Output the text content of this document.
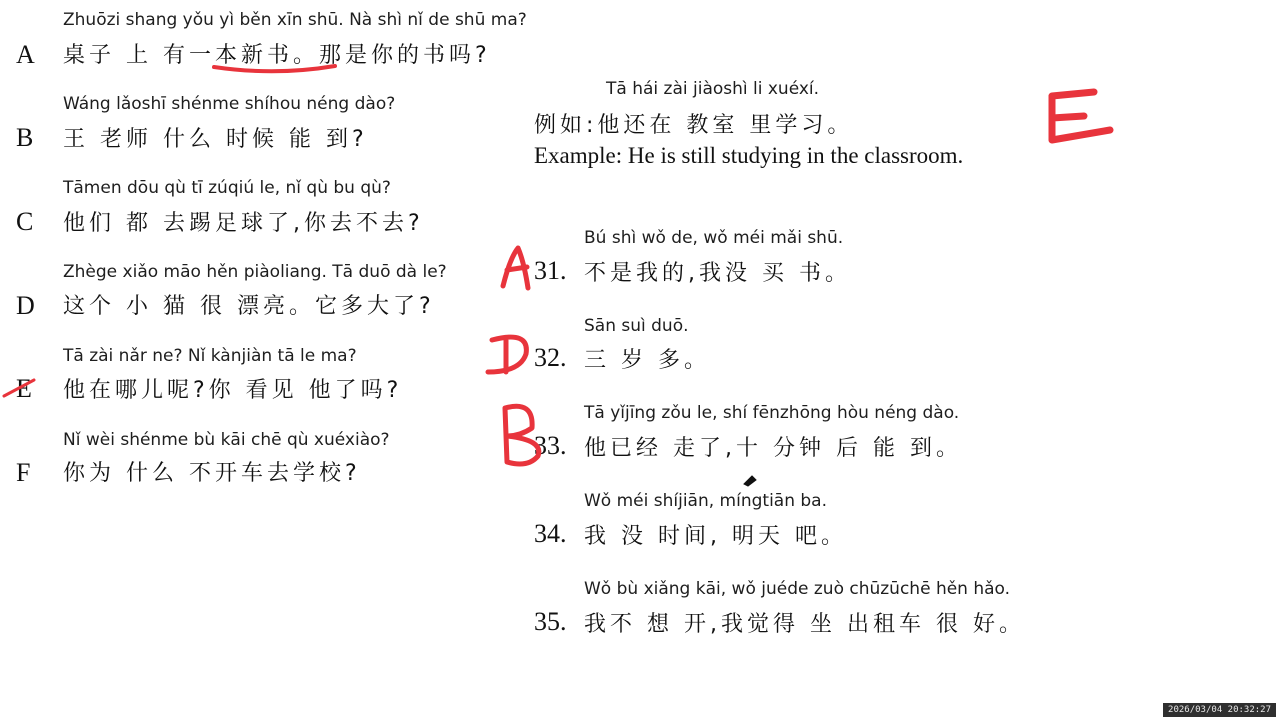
Zhuōzi shang yǒu yì běn xīn shū. Nà shì nǐ de shū ma?
A 桌子 上 有一本新书。那是你的书吗?
Wáng lǎoshī shénme shíhou néng dào?
B 王 老师 什么 时候 能 到?
Tāmen dōu qù tī zúqiú le, nǐ qù bu qù?
C 他们 都 去踢足球了,你去不去?
Zhège xiǎo māo hěn piàoliang. Tā duō dà le?
D 这个 小 猫 很 漂亮。它多大了?
Tā zài nǎr ne? Nǐ kànjiàn tā le ma?
E 他在哪儿呢?你 看见 他了吗?
Nǐ wèi shénme bù kāi chē qù xuéxiào?
F 你为 什么 不开车去学校?
Tā hái zài jiàoshì li xuéxí.
例如:他还在 教室 里学习。
Example: He is still studying in the classroom.
Bú shì wǒ de, wǒ méi mǎi shū.
31. 不是我的,我没 买 书。
Sān suì duō.
32. 三 岁 多。
Tā yǐjīng zǒu le, shí fēnzhōng hòu néng dào.
33. 他已经 走了,十 分钟 后 能 到。
Wǒ méi shíjiān, míngtiān ba.
34. 我 没 时间, 明天 吧。
Wǒ bù xiǎng kāi, wǒ juéde zuò chūzūchē hěn hǎo.
35. 我不 想 开,我觉得 坐 出租车 很 好。
2026/03/04 20:32:27
